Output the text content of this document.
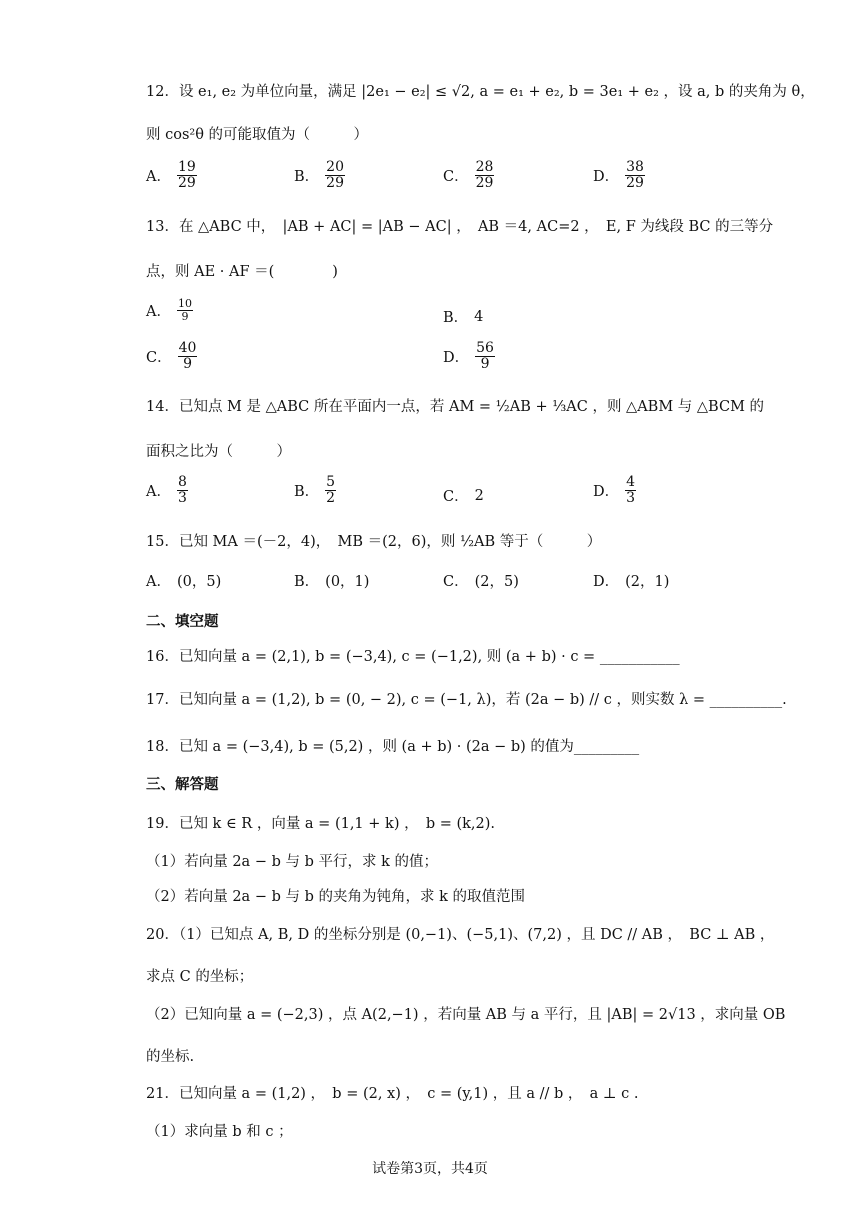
12．设 e₁, e₂ 为单位向量，满足 |2e₁ − e₂| ≤ √2, a = e₁ + e₂, b = 3e₁ + e₂ ，设 a, b 的夹角为 θ，
则 cos²θ 的可能取值为（　　　）
A． $\frac{19}{29}$	B． $\frac{20}{29}$	C． $\frac{28}{29}$	D． $\frac{38}{29}$
13．在 △ABC 中，　|AB + AC| = |AB − AC| ，　AB ＝4, AC=2 ，　E, F 为线段 BC 的三等分
点，则 AE · AF ＝(　　　　)
A． $\frac{10}{9}$	B． 4
C． $\frac{40}{9}$	D． $\frac{56}{9}$
14．已知点 M 是 △ABC 所在平面内一点，若 AM = ½AB + ⅓AC ，则 △ABM 与 △BCM 的
面积之比为（　　　）
A． $\frac{8}{3}$	B． $\frac{5}{2}$	C． 2	D． $\frac{4}{3}$
15．已知 MA ＝(－2，4)，　MB ＝(2，6)，则 ½AB 等于（　　　）
A． (0，5)	B． (0，1)	C． (2，5)	D． (2，1)
二、填空题
16．已知向量 a = (2,1), b = (−3,4), c = (−1,2), 则 (a + b) · c = ___________
17．已知向量 a = (1,2), b = (0, − 2), c = (−1, λ)，若 (2a − b) // c ，则实数 λ = __________.
18．已知 a = (−3,4), b = (5,2) ，则 (a + b) · (2a − b) 的值为_________
三、解答题
19．已知 k ∈ R ，向量 a = (1,1 + k) ，　b = (k,2).
（1）若向量 2a − b 与 b 平行，求 k 的值；
（2）若向量 2a − b 与 b 的夹角为钝角，求 k 的取值范围
20．（1）已知点 A, B, D 的坐标分别是 (0,−1)、(−5,1)、(7,2) ，且 DC // AB ，　BC ⊥ AB ，
求点 C 的坐标；
（2）已知向量 a = (−2,3) ，点 A(2,−1) ，若向量 AB 与 a 平行，且 |AB| = 2√13 ，求向量 OB
的坐标.
21．已知向量 a = (1,2) ，　b = (2, x) ，　c = (y,1) ，且 a // b ，　a ⊥ c .
（1）求向量 b 和 c ；
试卷第3页，共4页
